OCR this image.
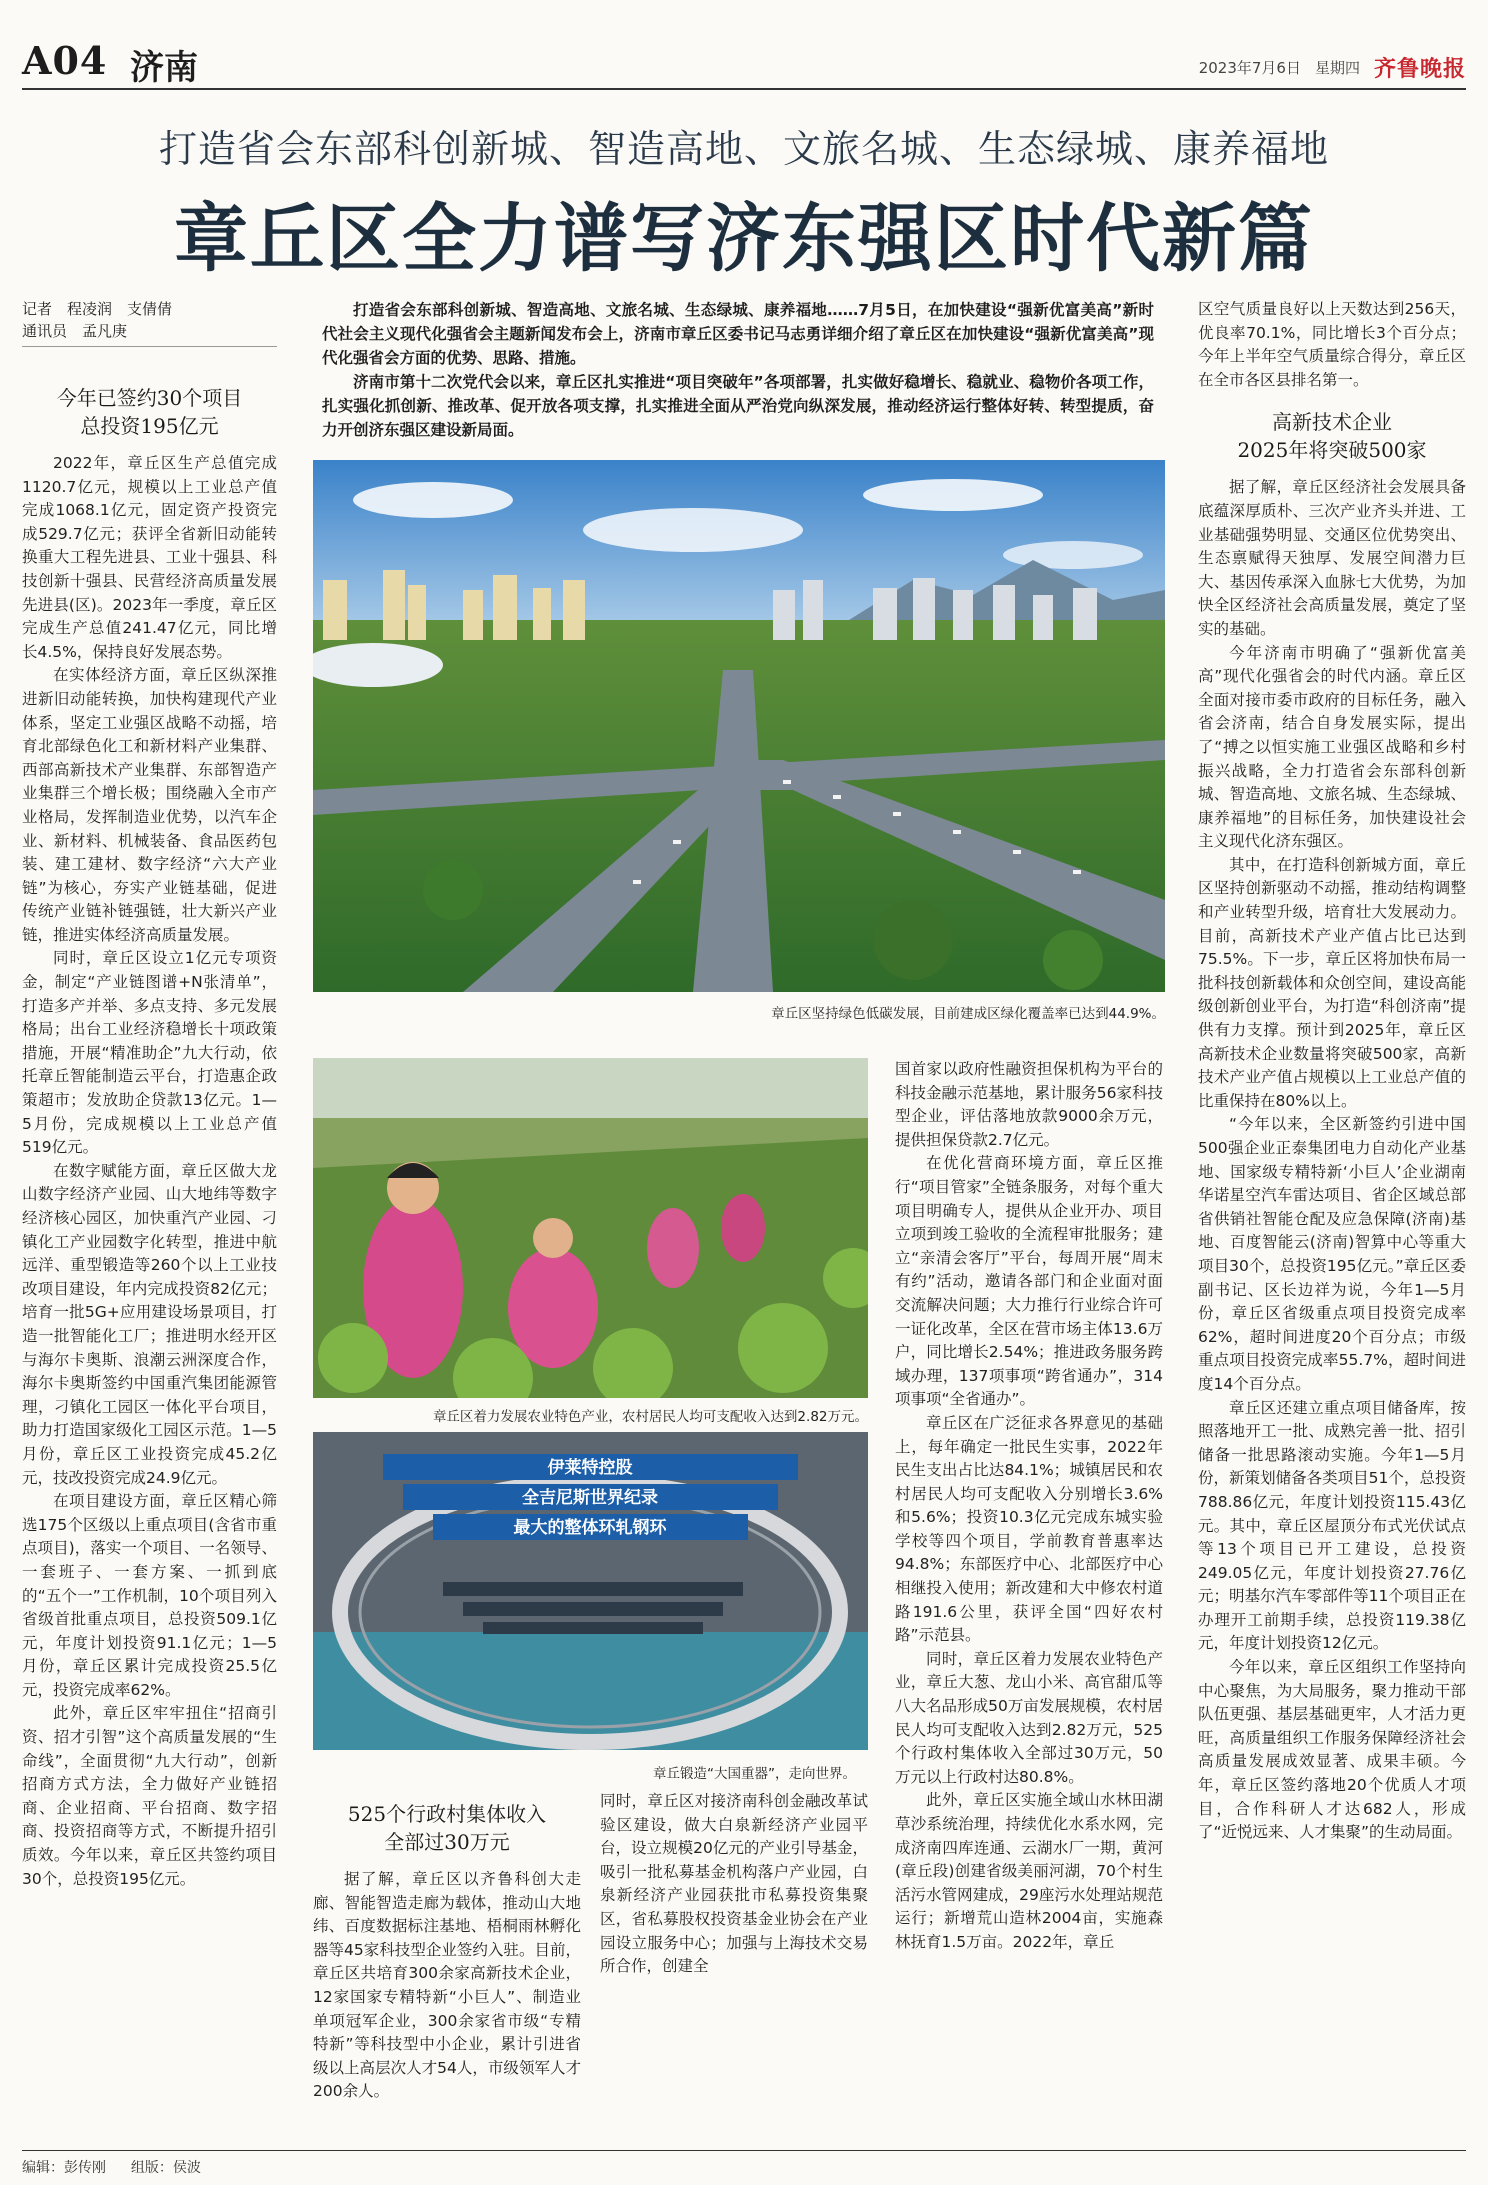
A04 济南	2023年7月6日 星期四 齐鲁晚报
打造省会东部科创新城、智造高地、文旅名城、生态绿城、康养福地
章丘区全力谱写济东强区时代新篇
记者　程凌润　支倩倩
通讯员　孟凡庚

打造省会东部科创新城、智造高地、文旅名城、生态绿城、康养福地……7月5日，在加快建设“强新优富美高”新时代社会主义现代化强省会主题新闻发布会上，济南市章丘区委书记马志勇详细介绍了章丘区在加快建设“强新优富美高”现代化强省会方面的优势、思路、措施。

济南市第十二次党代会以来，章丘区扎实推进“项目突破年”各项部署，扎实做好稳增长、稳就业、稳物价各项工作，扎实强化抓创新、推改革、促开放各项支撑，扎实推进全面从严治党向纵深发展，推动经济运行整体好转、转型提质，奋力开创济东强区建设新局面。

今年已签约30个项目
总投资195亿元

2022年，章丘区生产总值完成1120.7亿元，规模以上工业总产值完成1068.1亿元，固定资产投资完成529.7亿元；获评全省新旧动能转换重大工程先进县、工业十强县、科技创新十强县、民营经济高质量发展先进县(区)。2023年一季度，章丘区完成生产总值241.47亿元，同比增长4.5%，保持良好发展态势。

在实体经济方面，章丘区纵深推进新旧动能转换，加快构建现代产业体系，坚定工业强区战略不动摇，培育北部绿色化工和新材料产业集群、西部高新技术产业集群、东部智造产业集群三个增长极；围绕融入全市产业格局，发挥制造业优势，以汽车企业、新材料、机械装备、食品医药包装、建工建材、数字经济“六大产业链”为核心，夯实产业链基础，促进传统产业链补链强链，壮大新兴产业链，推进实体经济高质量发展。

同时，章丘区设立1亿元专项资金，制定“产业链图谱+N张清单”，打造多产并举、多点支持、多元发展格局；出台工业经济稳增长十项政策措施，开展“精准助企”九大行动，依托章丘智能制造云平台，打造惠企政策超市；发放助企贷款13亿元。1—5月份，完成规模以上工业总产值519亿元。

在数字赋能方面，章丘区做大龙山数字经济产业园、山大地纬等数字经济核心园区，加快重汽产业园、刁镇化工产业园数字化转型，推进中航远洋、重型锻造等260个以上工业技改项目建设，年内完成投资82亿元；培育一批5G+应用建设场景项目，打造一批智能化工厂；推进明水经开区与海尔卡奥斯、浪潮云洲深度合作，海尔卡奥斯签约中国重汽集团能源管理，刁镇化工园区一体化平台项目，助力打造国家级化工园区示范。1—5月份，章丘区工业投资完成45.2亿元，技改投资完成24.9亿元。

在项目建设方面，章丘区精心筛选175个区级以上重点项目(含省市重点项目)，落实一个项目、一名领导、一套班子、一套方案、一抓到底的“五个一”工作机制，10个项目列入省级首批重点项目，总投资509.1亿元，年度计划投资91.1亿元；1—5月份，章丘区累计完成投资25.5亿元，投资完成率62%。

此外，章丘区牢牢扭住“招商引资、招才引智”这个高质量发展的“生命线”，全面贯彻“九大行动”，创新招商方式方法，全力做好产业链招商、企业招商、平台招商、数字招商、投资招商等方式，不断提升招引质效。今年以来，章丘区共签约项目30个，总投资195亿元。

章丘区坚持绿色低碳发展，目前建成区绿化覆盖率已达到44.9%。
章丘区着力发展农业特色产业，农村居民人均可支配收入达到2.82万元。
伊莱特控股
全吉尼斯世界纪录
最大的整体环轧钢环
章丘锻造“大国重器”，走向世界。
525个行政村集体收入
全部过30万元

据了解，章丘区以齐鲁科创大走廊、智能智造走廊为载体，推动山大地纬、百度数据标注基地、梧桐雨林孵化器等45家科技型企业签约入驻。目前，章丘区共培育300余家高新技术企业，12家国家专精特新“小巨人”、制造业单项冠军企业，300余家省市级“专精特新”等科技型中小企业，累计引进省级以上高层次人才54人，市级领军人才200余人。

同时，章丘区对接济南科创金融改革试验区建设，做大白泉新经济产业园平台，设立规模20亿元的产业引导基金，吸引一批私募基金机构落户产业园，白泉新经济产业园获批市私募投资集聚区，省私募股权投资基金业协会在产业园设立服务中心；加强与上海技术交易所合作，创建全

国首家以政府性融资担保机构为平台的科技金融示范基地，累计服务56家科技型企业，评估落地放款9000余万元，提供担保贷款2.7亿元。

在优化营商环境方面，章丘区推行“项目管家”全链条服务，对每个重大项目明确专人，提供从企业开办、项目立项到竣工验收的全流程审批服务；建立“亲清会客厅”平台，每周开展“周末有约”活动，邀请各部门和企业面对面交流解决问题；大力推行行业综合许可一证化改革，全区在营市场主体13.6万户，同比增长2.54%；推进政务服务跨域办理，137项事项“跨省通办”，314项事项“全省通办”。

章丘区在广泛征求各界意见的基础上，每年确定一批民生实事，2022年民生支出占比达84.1%；城镇居民和农村居民人均可支配收入分别增长3.6%和5.6%；投资10.3亿元完成东城实验学校等四个项目，学前教育普惠率达94.8%；东部医疗中心、北部医疗中心相继投入使用；新改建和大中修农村道路191.6公里，获评全国“四好农村路”示范县。

同时，章丘区着力发展农业特色产业，章丘大葱、龙山小米、高官甜瓜等八大名品形成50万亩发展规模，农村居民人均可支配收入达到2.82万元，525个行政村集体收入全部过30万元，50万元以上行政村达80.8%。

此外，章丘区实施全域山水林田湖草沙系统治理，持续优化水系水网，完成济南四库连通、云湖水厂一期，黄河(章丘段)创建省级美丽河湖，70个村生活污水管网建成，29座污水处理站规范运行；新增荒山造林2004亩，实施森林抚育1.5万亩。2022年，章丘

区空气质量良好以上天数达到256天，优良率70.1%，同比增长3个百分点；今年上半年空气质量综合得分，章丘区在全市各区县排名第一。

高新技术企业
2025年将突破500家

据了解，章丘区经济社会发展具备底蕴深厚质朴、三次产业齐头并进、工业基础强势明显、交通区位优势突出、生态禀赋得天独厚、发展空间潜力巨大、基因传承深入血脉七大优势，为加快全区经济社会高质量发展，奠定了坚实的基础。

今年济南市明确了“强新优富美高”现代化强省会的时代内涵。章丘区全面对接市委市政府的目标任务，融入省会济南，结合自身发展实际，提出了“搏之以恒实施工业强区战略和乡村振兴战略，全力打造省会东部科创新城、智造高地、文旅名城、生态绿城、康养福地”的目标任务，加快建设社会主义现代化济东强区。

其中，在打造科创新城方面，章丘区坚持创新驱动不动摇，推动结构调整和产业转型升级，培育壮大发展动力。目前，高新技术产业产值占比已达到75.5%。下一步，章丘区将加快布局一批科技创新载体和众创空间，建设高能级创新创业平台，为打造“科创济南”提供有力支撑。预计到2025年，章丘区高新技术企业数量将突破500家，高新技术产业产值占规模以上工业总产值的比重保持在80%以上。

“今年以来，全区新签约引进中国500强企业正泰集团电力自动化产业基地、国家级专精特新‘小巨人’企业湖南华诺星空汽车雷达项目、省企区域总部省供销社智能仓配及应急保障(济南)基地、百度智能云(济南)智算中心等重大项目30个，总投资195亿元。”章丘区委副书记、区长边祥为说，今年1—5月份，章丘区省级重点项目投资完成率62%，超时间进度20个百分点；市级重点项目投资完成率55.7%，超时间进度14个百分点。

章丘区还建立重点项目储备库，按照落地开工一批、成熟完善一批、招引储备一批思路滚动实施。今年1—5月份，新策划储备各类项目51个，总投资788.86亿元，年度计划投资115.43亿元。其中，章丘区屋顶分布式光伏试点等13个项目已开工建设，总投资249.05亿元，年度计划投资27.76亿元；明基尔汽车零部件等11个项目正在办理开工前期手续，总投资119.38亿元，年度计划投资12亿元。

今年以来，章丘区组织工作坚持向中心聚焦，为大局服务，聚力推动干部队伍更强、基层基础更牢，人才活力更旺，高质量组织工作服务保障经济社会高质量发展成效显著、成果丰硕。今年，章丘区签约落地20个优质人才项目，合作科研人才达682人，形成了“近悦远来、人才集聚”的生动局面。

编辑：彭传刚 组版：侯波
